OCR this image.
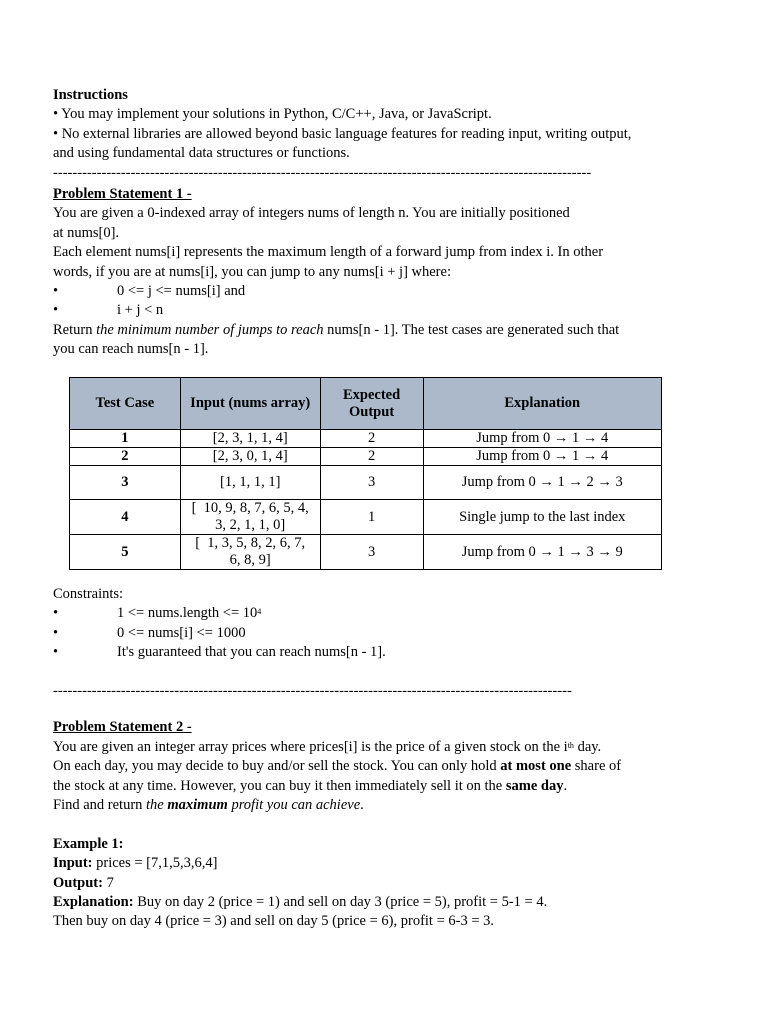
Instructions
• You may implement your solutions in Python, C/C++, Java, or JavaScript.
• No external libraries are allowed beyond basic language features for reading input, writing output,
and using fundamental data structures or functions.
---------------------------------------------------------------------------------------------------------------
Problem Statement 1 -
You are given a 0-indexed array of integers nums of length n. You are initially positioned
at nums[0].
Each element nums[i] represents the maximum length of a forward jump from index i. In other
words, if you are at nums[i], you can jump to any nums[i + j] where:
•	0 <= j <= nums[i] and
•	i + j < n
Return the minimum number of jumps to reach nums[n - 1]. The test cases are generated such that
you can reach nums[n - 1].
Test Case	Input (nums array)	Expected
Output	Explanation
1	[2, 3, 1, 1, 4]	2	Jump from 0 → 1 → 4
2	[2, 3, 0, 1, 4]	2	Jump from 0 → 1 → 4
3	[1, 1, 1, 1]	3	Jump from 0 → 1 → 2 → 3
4	[  10, 9, 8, 7, 6, 5, 4,
3, 2, 1, 1, 0]	1	Single jump to the last index
5	[  1, 3, 5, 8, 2, 6, 7,
6, 8, 9]	3	Jump from 0 → 1 → 3 → 9
Constraints:
•	1 <= nums.length <= $10^4$
•	0 <= nums[i] <= 1000
•	It's guaranteed that you can reach nums[n - 1].
-----------------------------------------------------------------------------------------------------------
Problem Statement 2 -
You are given an integer array prices where prices[i] is the price of a given stock on the $i^{th}$ day.
On each day, you may decide to buy and/or sell the stock. You can only hold at most one share of
the stock at any time. However, you can buy it then immediately sell it on the same day.
Find and return the maximum profit you can achieve.
Example 1:
Input: prices = [7,1,5,3,6,4]
Output: 7
Explanation: Buy on day 2 (price = 1) and sell on day 3 (price = 5), profit = 5-1 = 4.
Then buy on day 4 (price = 3) and sell on day 5 (price = 6), profit = 6-3 = 3.
